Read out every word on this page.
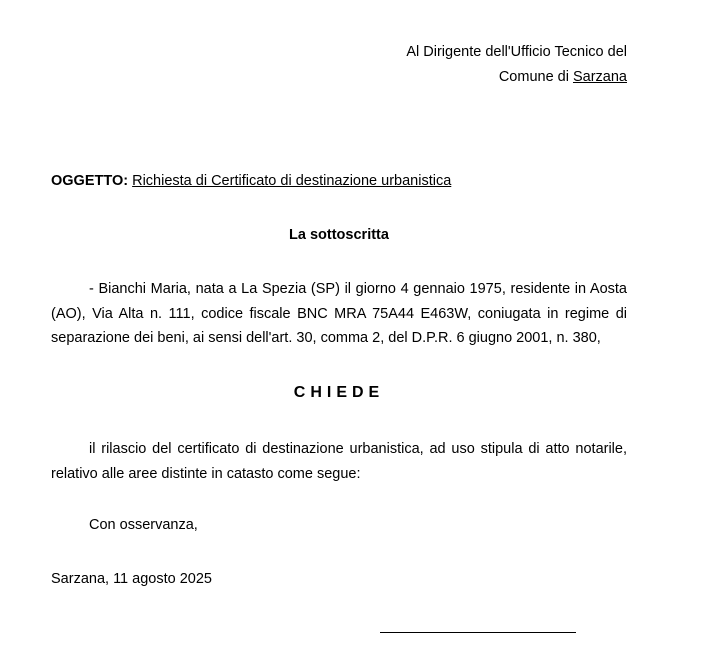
Al Dirigente dell'Ufficio Tecnico del
Comune di Sarzana
OGGETTO: Richiesta di Certificato di destinazione urbanistica
La sottoscritta
- Bianchi Maria, nata a La Spezia (SP) il giorno 4 gennaio 1975, residente in Aosta (AO), Via Alta n. 111, codice fiscale BNC MRA 75A44 E463W, coniugata in regime di separazione dei beni, ai sensi dell'art. 30, comma 2, del D.P.R. 6 giugno 2001, n. 380,
CHIEDE
il rilascio del certificato di destinazione urbanistica, ad uso stipula di atto notarile, relativo alle aree distinte in catasto come segue:
Con osservanza,
Sarzana, 11 agosto 2025
